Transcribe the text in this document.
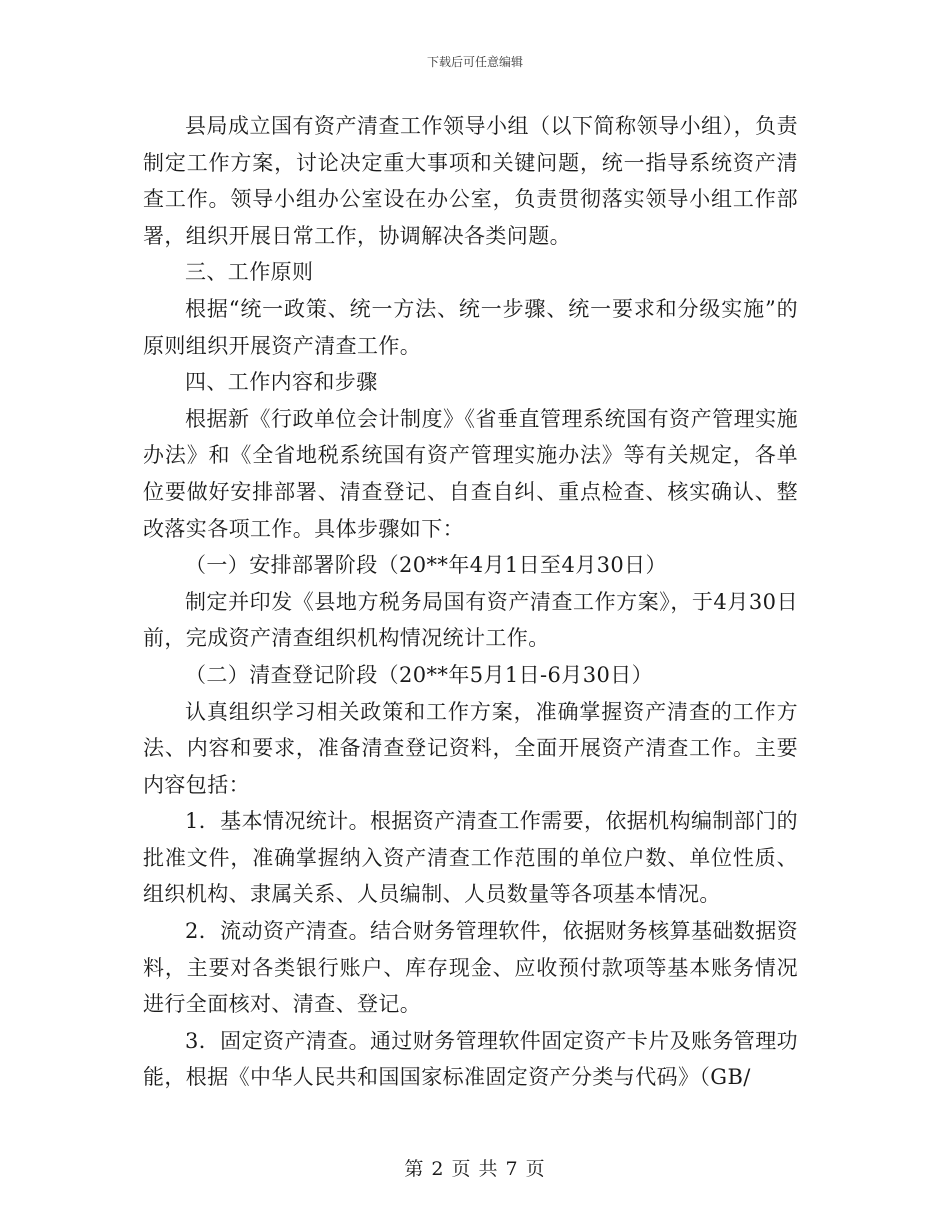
下载后可任意编辑

县局成立国有资产清查工作领导小组（以下简称领导小组），负责制定工作方案，讨论决定重大事项和关键问题，统一指导系统资产清查工作。领导小组办公室设在办公室，负责贯彻落实领导小组工作部署，组织开展日常工作，协调解决各类问题。

三、工作原则

根据“统一政策、统一方法、统一步骤、统一要求和分级实施”的原则组织开展资产清查工作。

四、工作内容和步骤

根据新《行政单位会计制度》《省垂直管理系统国有资产管理实施办法》和《全省地税系统国有资产管理实施办法》等有关规定，各单位要做好安排部署、清查登记、自查自纠、重点检查、核实确认、整改落实各项工作。具体步骤如下：

（一）安排部署阶段（20**年4月1日至4月30日）

制定并印发《县地方税务局国有资产清查工作方案》，于4月30日前，完成资产清查组织机构情况统计工作。

（二）清查登记阶段（20**年5月1日-6月30日）

认真组织学习相关政策和工作方案，准确掌握资产清查的工作方法、内容和要求，准备清查登记资料，全面开展资产清查工作。主要内容包括：

1．基本情况统计。根据资产清查工作需要，依据机构编制部门的批准文件，准确掌握纳入资产清查工作范围的单位户数、单位性质、组织机构、隶属关系、人员编制、人员数量等各项基本情况。

2．流动资产清查。结合财务管理软件，依据财务核算基础数据资料，主要对各类银行账户、库存现金、应收预付款项等基本账务情况进行全面核对、清查、登记。

3．固定资产清查。通过财务管理软件固定资产卡片及账务管理功能，根据《中华人民共和国国家标准固定资产分类与代码》（GB/

第 2 页 共 7 页
